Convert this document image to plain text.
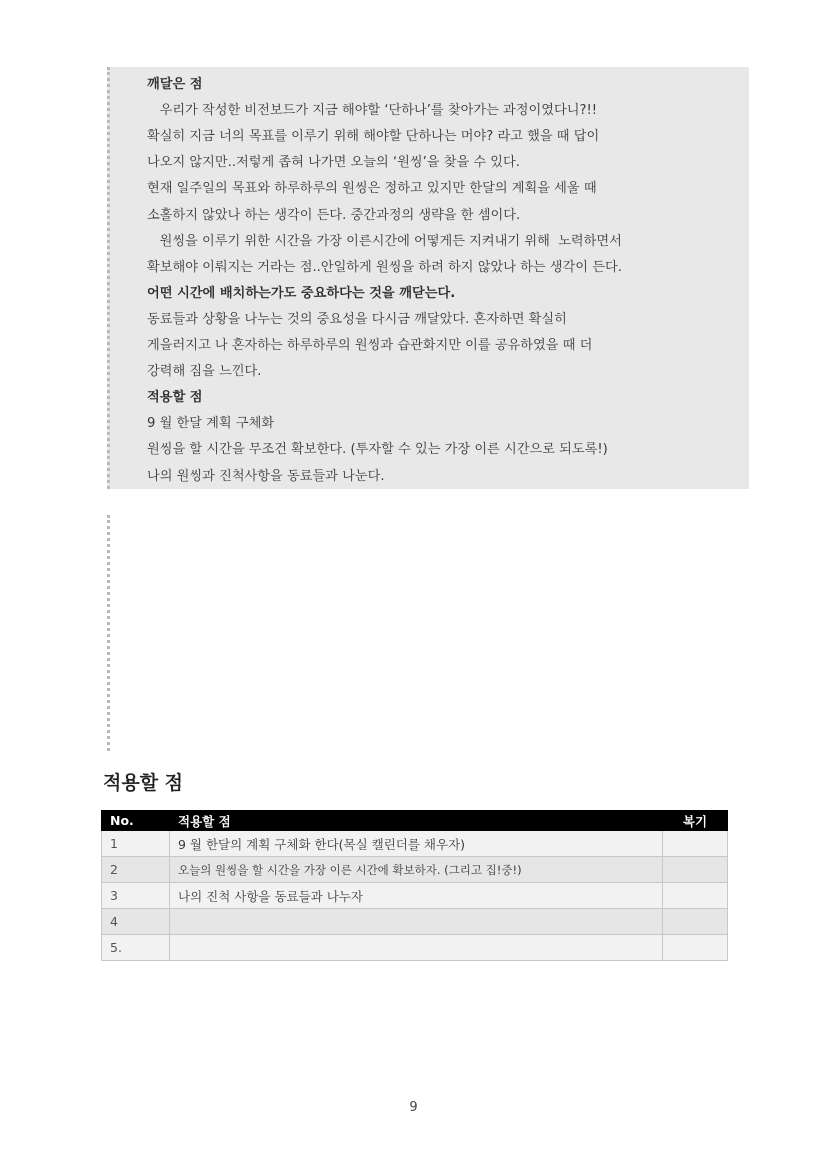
깨달은 점
우리가 작성한 비전보드가 지금 해야할 ‘단하나’를 찾아가는 과정이였다니?!!
확실히 지금 너의 목표를 이루기 위해 해야할 단하나는 머야? 라고 했을 때 답이
나오지 않지만..저렇게 좁혀 나가면 오늘의 ‘원씽’을 찾을 수 있다.
현재 일주일의 목표와 하루하루의 원씽은 정하고 있지만 한달의 계획을 세울 때
소홀하지 않았나 하는 생각이 든다. 중간과정의 생략을 한 셈이다.
원씽을 이루기 위한 시간을 가장 이른시간에 어떻게든 지켜내기 위해  노력하면서
확보해야 이뤄지는 거라는 점..안일하게 원씽을 하려 하지 않았나 하는 생각이 든다.
어떤 시간에 배치하는가도 중요하다는 것을 깨닫는다.
동료들과 상황을 나누는 것의 중요성을 다시금 깨달았다. 혼자하면 확실히
게을러지고 나 혼자하는 하루하루의 원씽과 습관화지만 이를 공유하였을 때 더
강력해 짐을 느낀다.
적용할 점
9 월 한달 계획 구체화
원씽을 할 시간을 무조건 확보한다. (투자할 수 있는 가장 이른 시간으로 되도록!)
나의 원씽과 진척사항을 동료들과 나눈다.
적용할 점
No.	적용할 점	복기
1	9 월 한달의 계획 구체화 한다(목실 캘린더를 채우자)	
2	오늘의 원씽을 할 시간을 가장 이른 시간에 확보하자. (그리고 집!중!)	
3	나의 진척 사항을 동료들과 나누자	
4		
5.		
9
